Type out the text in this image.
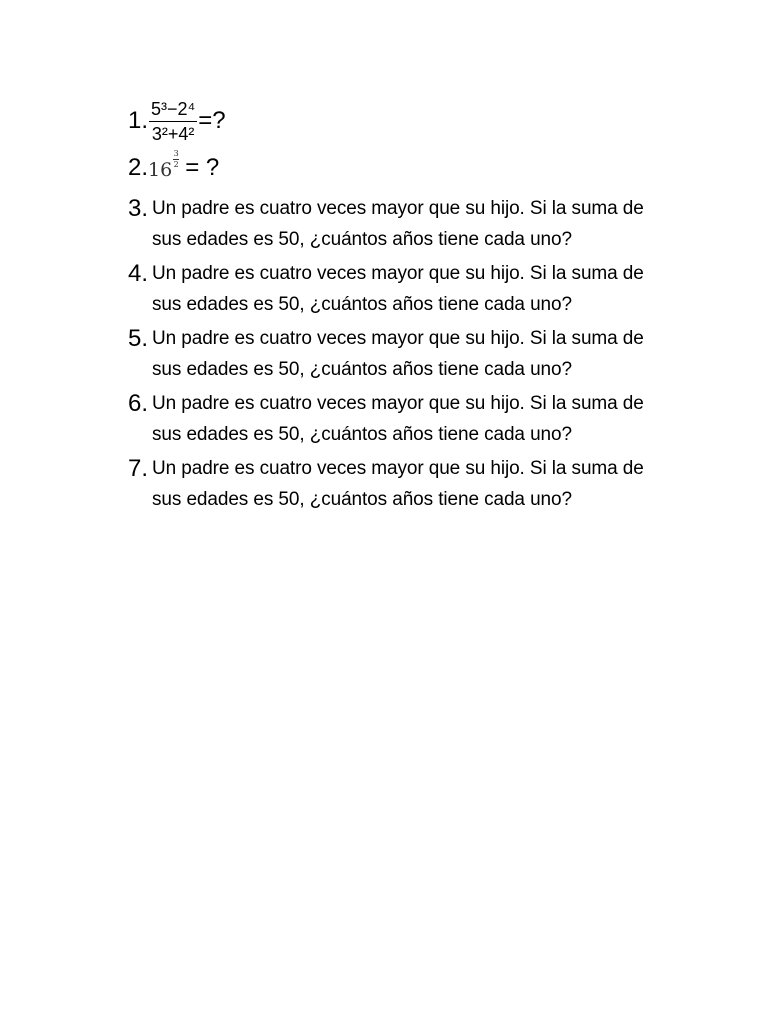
1. $\frac{\text{5³−2⁴}}{\text{3²+4²}}$ =?
2. $16 \frac{3}{2}$ = ?
3. Un padre es cuatro veces mayor que su hijo. Si la suma de sus edades es 50, ¿cuántos años tiene cada uno?
4. Un padre es cuatro veces mayor que su hijo. Si la suma de sus edades es 50, ¿cuántos años tiene cada uno?
5. Un padre es cuatro veces mayor que su hijo. Si la suma de sus edades es 50, ¿cuántos años tiene cada uno?
6. Un padre es cuatro veces mayor que su hijo. Si la suma de sus edades es 50, ¿cuántos años tiene cada uno?
7. Un padre es cuatro veces mayor que su hijo. Si la suma de sus edades es 50, ¿cuántos años tiene cada uno?
